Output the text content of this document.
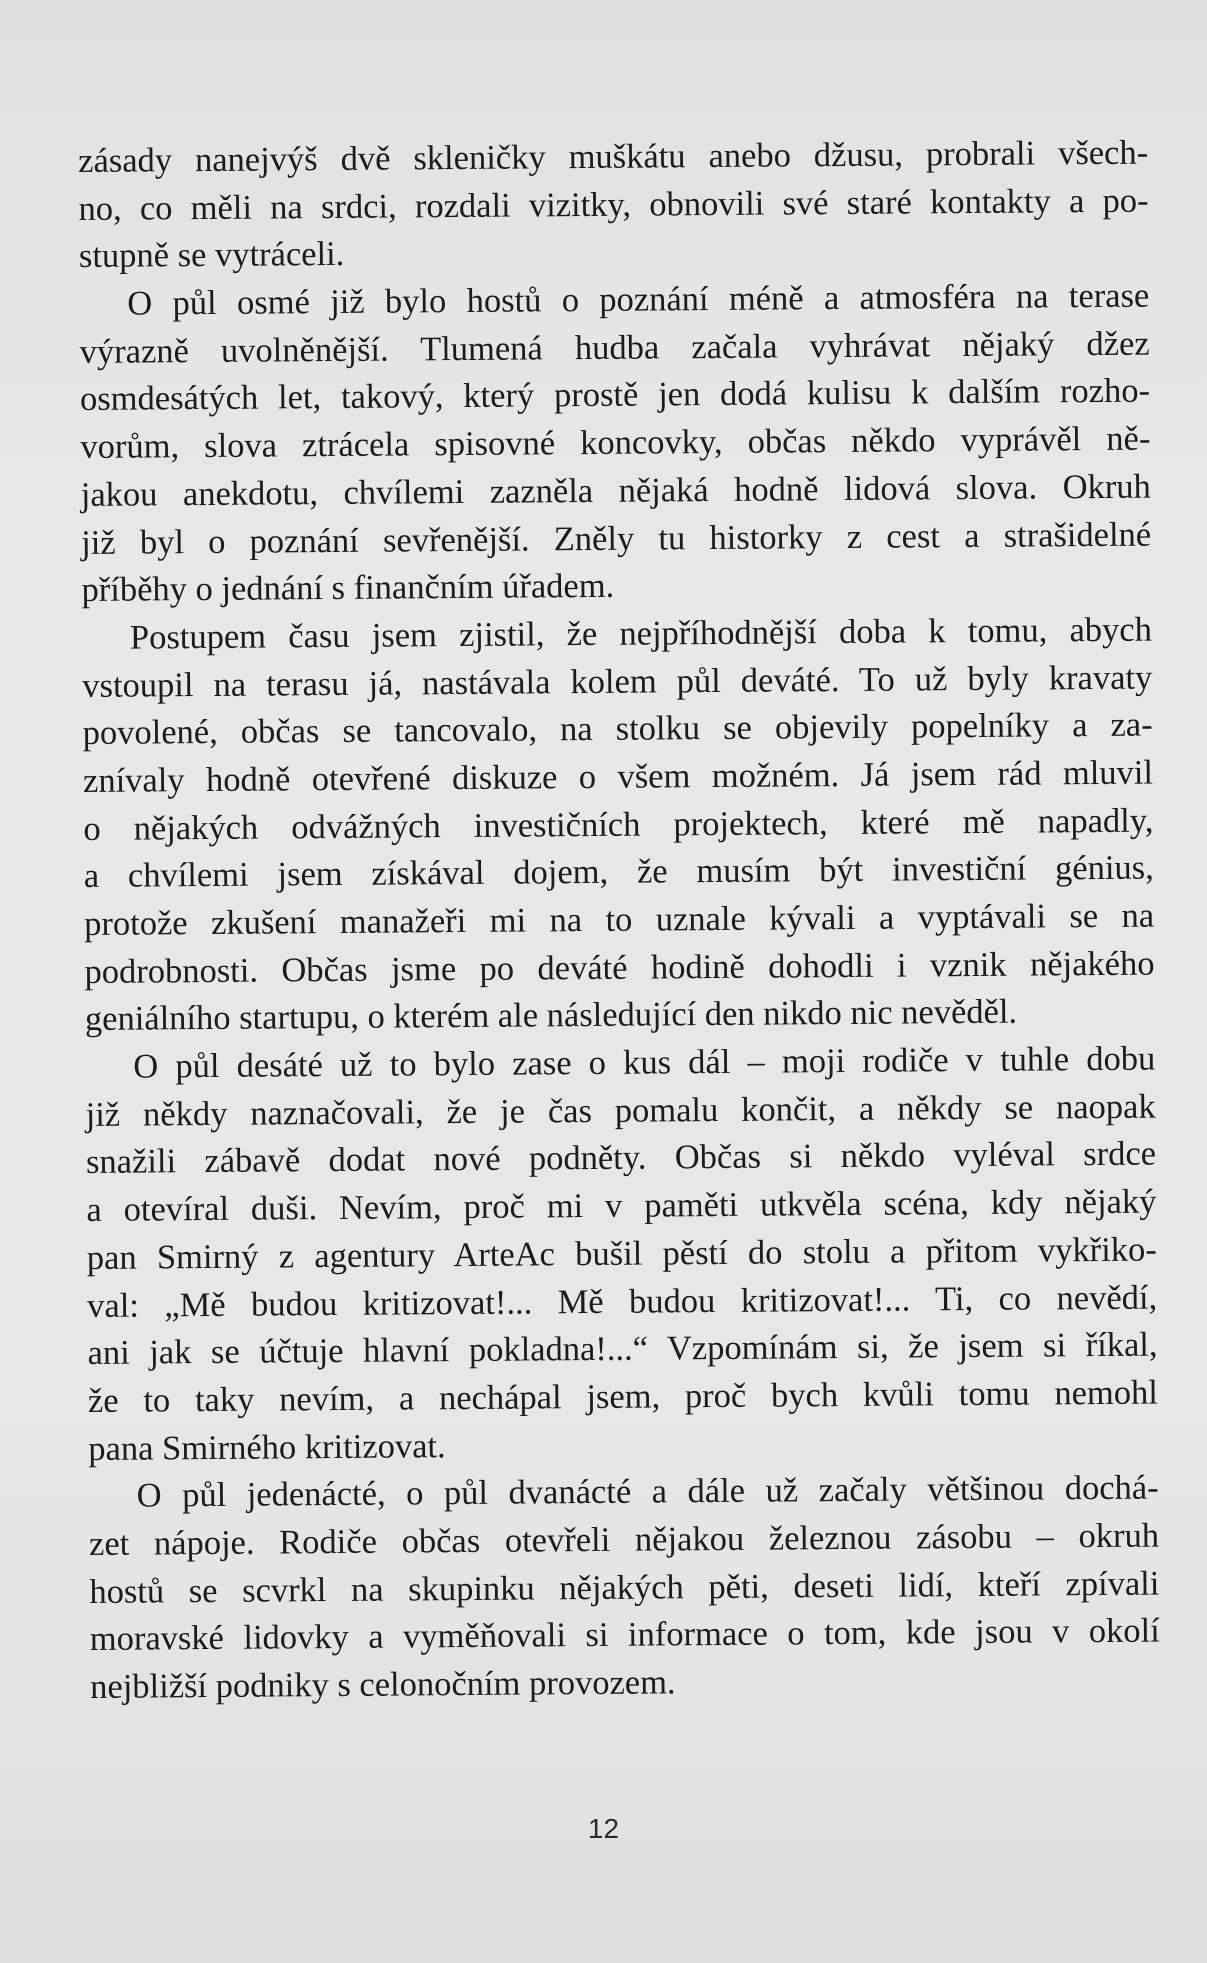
zásady nanejvýš dvě skleničky muškátu anebo džusu, probrali všech-
no, co měli na srdci, rozdali vizitky, obnovili své staré kontakty a po-
stupně se vytráceli.
O půl osmé již bylo hostů o poznání méně a atmosféra na terase
výrazně uvolněnější. Tlumená hudba začala vyhrávat nějaký džez
osmdesátých let, takový, který prostě jen dodá kulisu k dalším rozho-
vorům, slova ztrácela spisovné koncovky, občas někdo vyprávěl ně-
jakou anekdotu, chvílemi zazněla nějaká hodně lidová slova. Okruh
již byl o poznání sevřenější. Zněly tu historky z cest a strašidelné
příběhy o jednání s finančním úřadem.
Postupem času jsem zjistil, že nejpříhodnější doba k tomu, abych
vstoupil na terasu já, nastávala kolem půl deváté. To už byly kravaty
povolené, občas se tancovalo, na stolku se objevily popelníky a za-
znívaly hodně otevřené diskuze o všem možném. Já jsem rád mluvil
o nějakých odvážných investičních projektech, které mě napadly,
a chvílemi jsem získával dojem, že musím být investiční génius,
protože zkušení manažeři mi na to uznale kývali a vyptávali se na
podrobnosti. Občas jsme po deváté hodině dohodli i vznik nějakého
geniálního startupu, o kterém ale následující den nikdo nic nevěděl.
O půl desáté už to bylo zase o kus dál – moji rodiče v tuhle dobu
již někdy naznačovali, že je čas pomalu končit, a někdy se naopak
snažili zábavě dodat nové podněty. Občas si někdo vyléval srdce
a otevíral duši. Nevím, proč mi v paměti utkvěla scéna, kdy nějaký
pan Smirný z agentury ArteAc bušil pěstí do stolu a přitom vykřiko-
val: „Mě budou kritizovat!... Mě budou kritizovat!... Ti, co nevědí,
ani jak se účtuje hlavní pokladna!...“ Vzpomínám si, že jsem si říkal,
že to taky nevím, a nechápal jsem, proč bych kvůli tomu nemohl
pana Smirného kritizovat.
O půl jedenácté, o půl dvanácté a dále už začaly většinou dochá-
zet nápoje. Rodiče občas otevřeli nějakou železnou zásobu – okruh
hostů se scvrkl na skupinku nějakých pěti, deseti lidí, kteří zpívali
moravské lidovky a vyměňovali si informace o tom, kde jsou v okolí
nejbližší podniky s celonočním provozem.
12
